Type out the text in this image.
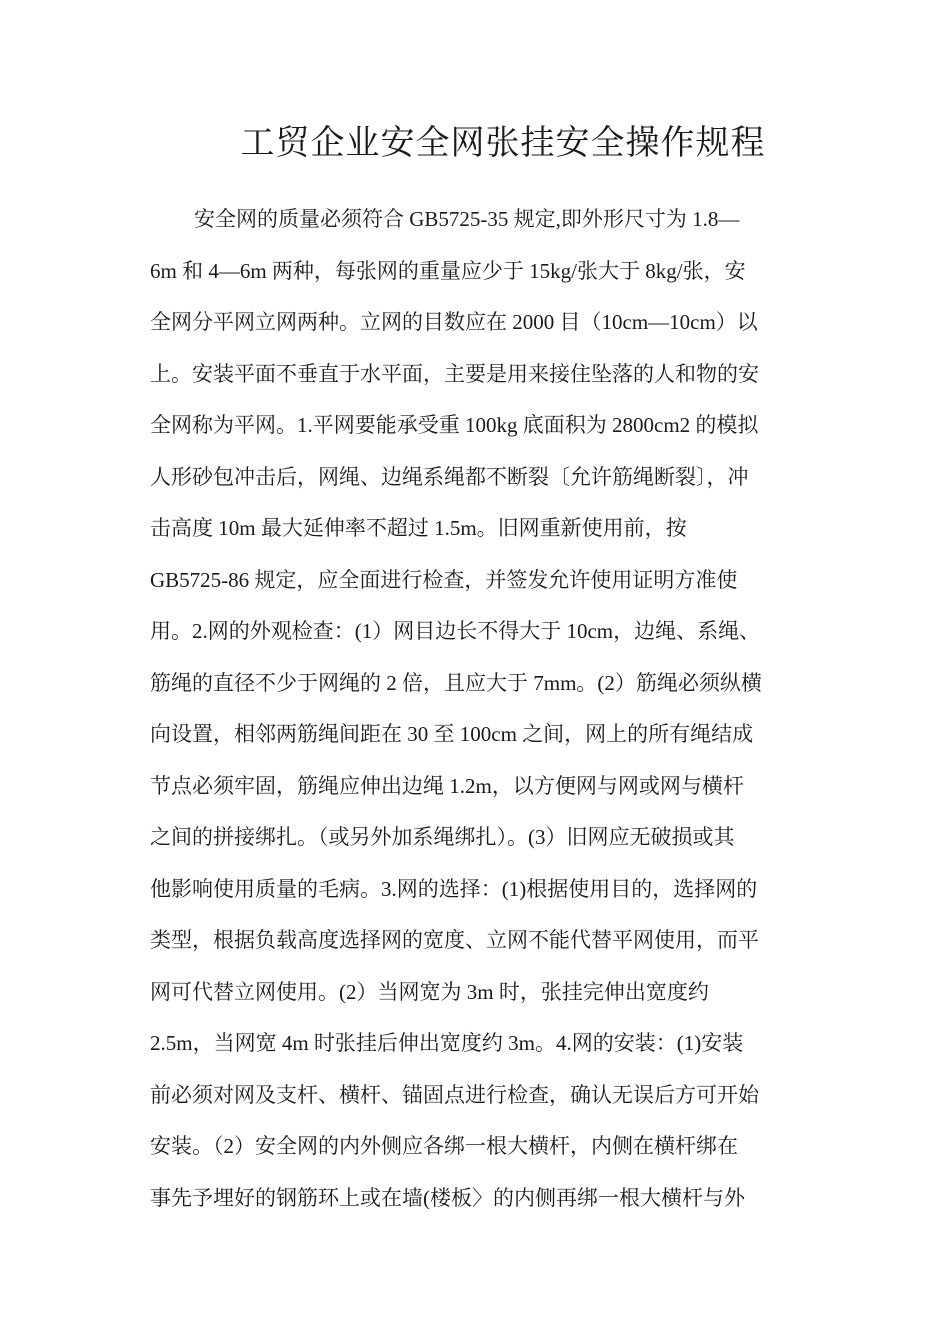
工贸企业安全网张挂安全操作规程
安全网的质量必须符合 GB5725-35 规定,即外形尺寸为 1.8—
6m 和 4—6m 两种，每张网的重量应少于 15kg/张大于 8kg/张，安
全网分平网立网两种。立网的目数应在 2000 目（10cm—10cm）以
上。安装平面不垂直于水平面，主要是用来接住坠落的人和物的安
全网称为平网。1.平网要能承受重 100kg 底面积为 2800cm2 的模拟
人形砂包冲击后，网绳、边绳系绳都不断裂〔允许筋绳断裂〕，冲
击高度 10m 最大延伸率不超过 1.5m。旧网重新使用前，按
GB5725-86 规定，应全面进行检查，并签发允许使用证明方准使
用。2.网的外观检查：(1）网目边长不得大于 10cm，边绳、系绳、
筋绳的直径不少于网绳的 2 倍，且应大于 7mm。(2）筋绳必须纵横
向设置，相邻两筋绳间距在 30 至 100cm 之间，网上的所有绳结成
节点必须牢固，筋绳应伸出边绳 1.2m，以方便网与网或网与横杆
之间的拼接绑扎。（或另外加系绳绑扎）。(3）旧网应无破损或其
他影响使用质量的毛病。3.网的选择：(1)根据使用目的，选择网的
类型，根据负载高度选择网的宽度、立网不能代替平网使用，而平
网可代替立网使用。(2）当网宽为 3m 时，张挂完伸出宽度约
2.5m，当网宽 4m 时张挂后伸出宽度约 3m。4.网的安装：(1)安装
前必须对网及支杆、横杆、锚固点进行检查，确认无误后方可开始
安装。（2）安全网的内外侧应各绑一根大横杆，内侧在横杆绑在
事先予埋好的钢筋环上或在墙(楼板〉的内侧再绑一根大横杆与外
